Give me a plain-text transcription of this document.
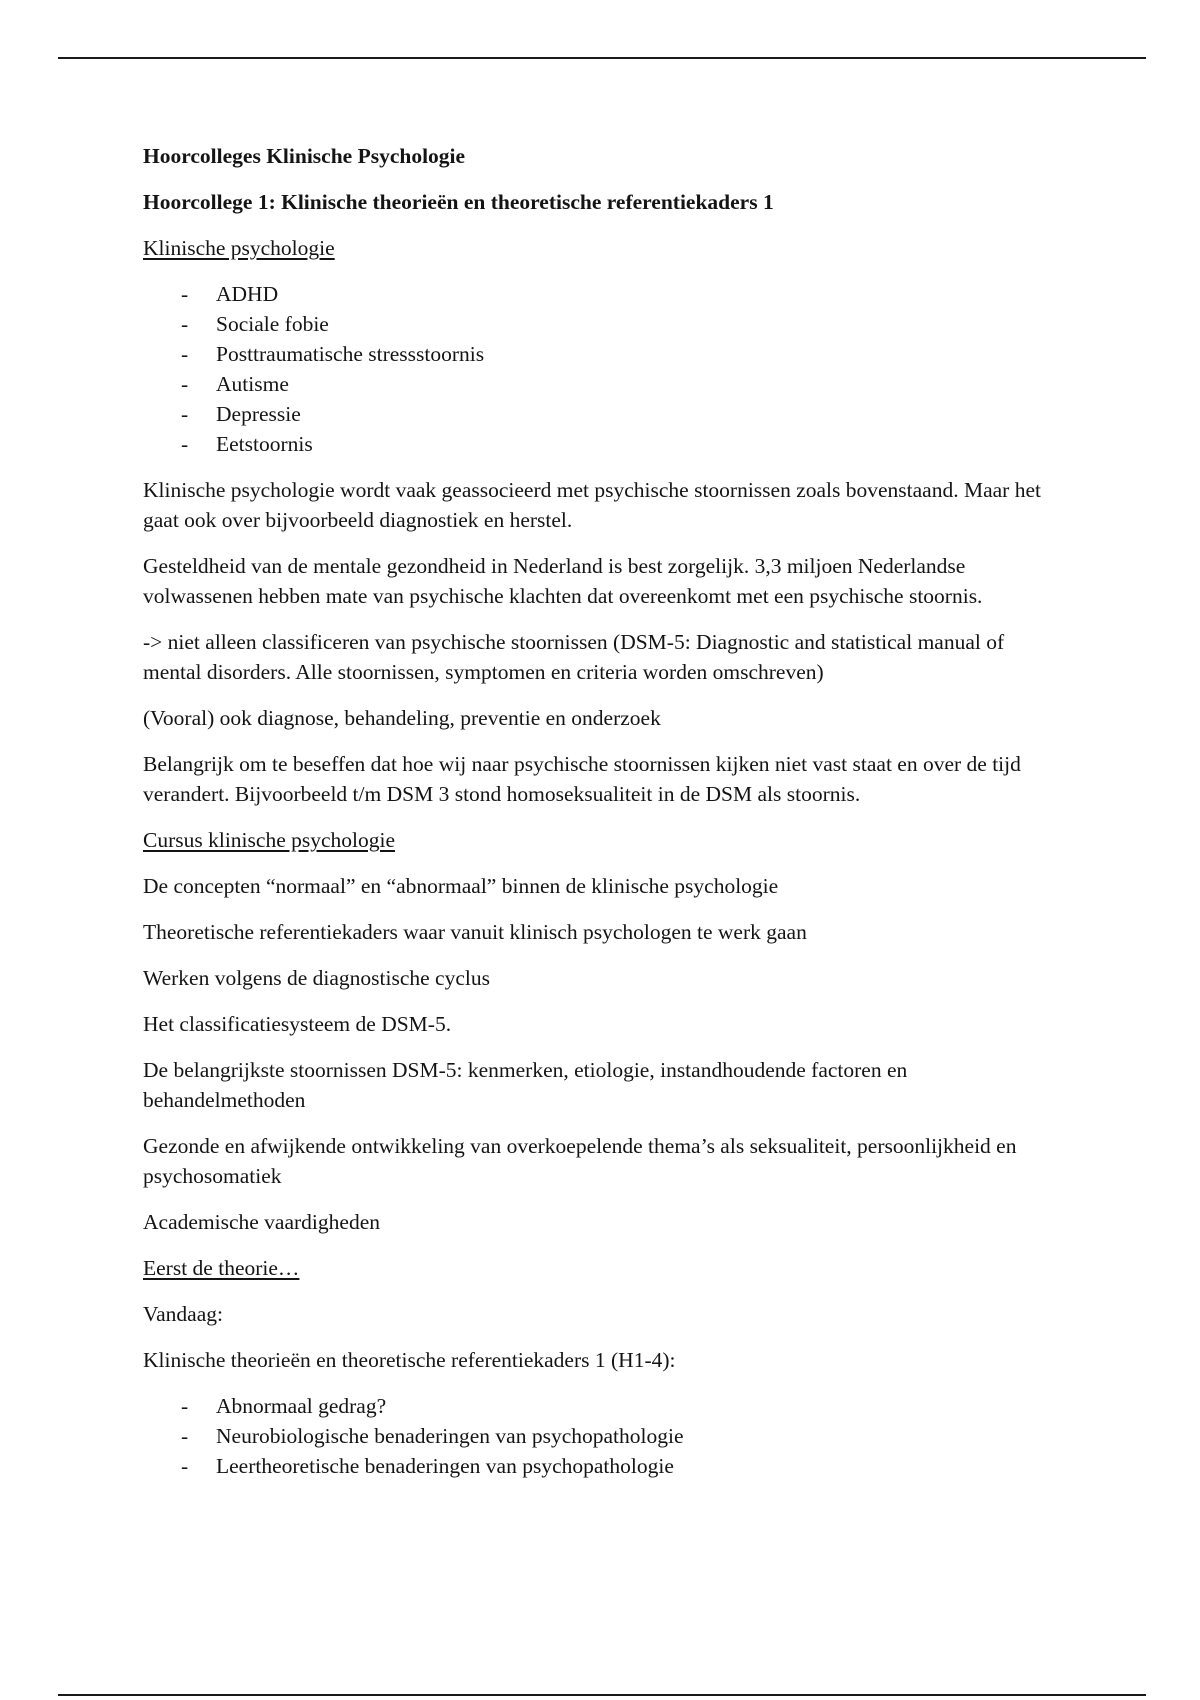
Hoorcolleges Klinische Psychologie

Hoorcollege 1: Klinische theorieën en theoretische referentiekaders 1

Klinische psychologie

- ADHD
- Sociale fobie
- Posttraumatische stressstoornis
- Autisme
- Depressie
- Eetstoornis

Klinische psychologie wordt vaak geassocieerd met psychische stoornissen zoals bovenstaand. Maar het gaat ook over bijvoorbeeld diagnostiek en herstel.

Gesteldheid van de mentale gezondheid in Nederland is best zorgelijk. 3,3 miljoen Nederlandse volwassenen hebben mate van psychische klachten dat overeenkomt met een psychische stoornis.

-> niet alleen classificeren van psychische stoornissen (DSM-5: Diagnostic and statistical manual of mental disorders. Alle stoornissen, symptomen en criteria worden omschreven)

(Vooral) ook diagnose, behandeling, preventie en onderzoek

Belangrijk om te beseffen dat hoe wij naar psychische stoornissen kijken niet vast staat en over de tijd verandert. Bijvoorbeeld t/m DSM 3 stond homoseksualiteit in de DSM als stoornis.

Cursus klinische psychologie

De concepten “normaal” en “abnormaal” binnen de klinische psychologie

Theoretische referentiekaders waar vanuit klinisch psychologen te werk gaan

Werken volgens de diagnostische cyclus

Het classificatiesysteem de DSM-5.

De belangrijkste stoornissen DSM-5: kenmerken, etiologie, instandhoudende factoren en behandelmethoden

Gezonde en afwijkende ontwikkeling van overkoepelende thema’s als seksualiteit, persoonlijkheid en psychosomatiek

Academische vaardigheden

Eerst de theorie…

Vandaag:

Klinische theorieën en theoretische referentiekaders 1 (H1-4):

- Abnormaal gedrag?
- Neurobiologische benaderingen van psychopathologie
- Leertheoretische benaderingen van psychopathologie
